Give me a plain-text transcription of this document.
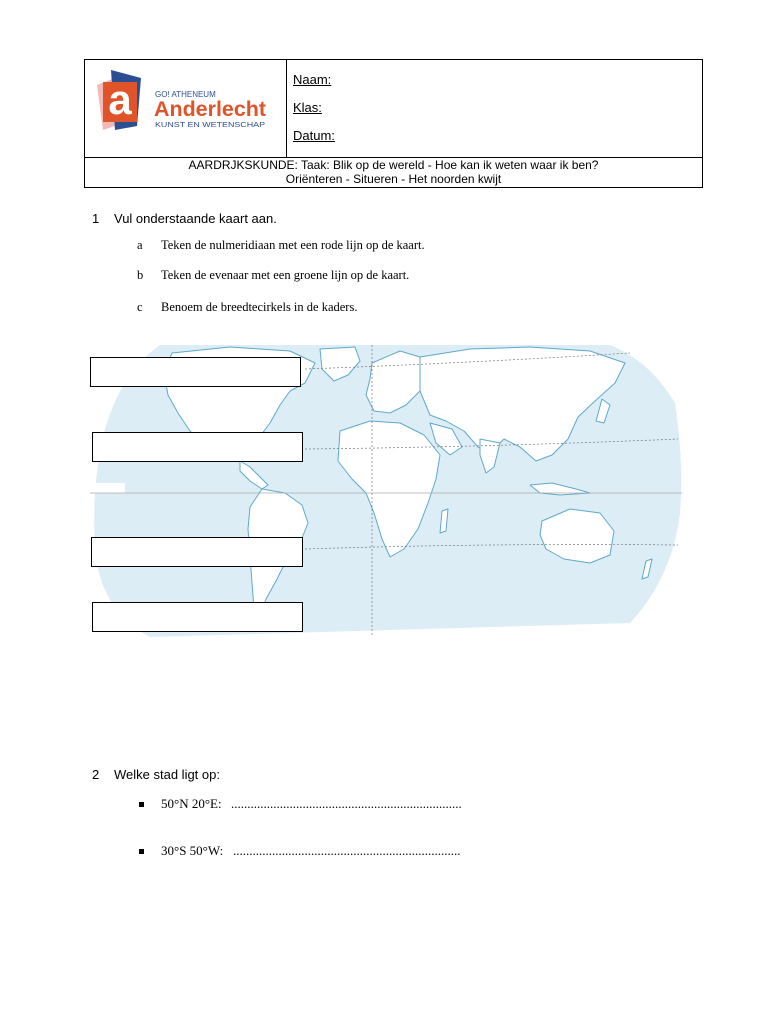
a	GO! ATHENEUM
Anderlecht
KUNST EN WETENSCHAP
Naam:
Klas:
Datum:
AARDRJKSKUNDE: Taak: Blik op de wereld - Hoe kan ik weten waar ik ben?
Oriënteren - Situeren - Het noorden kwijt
1 Vul onderstaande kaart aan.
a Teken de nulmeridiaan met een rode lijn op de kaart.
b Teken de evenaar met een groene lijn op de kaart.
c Benoem de breedtecirkels in de kaders.
2 Welke stad ligt op:
50°N 20°E: .......................................................................
30°S 50°W: ......................................................................
